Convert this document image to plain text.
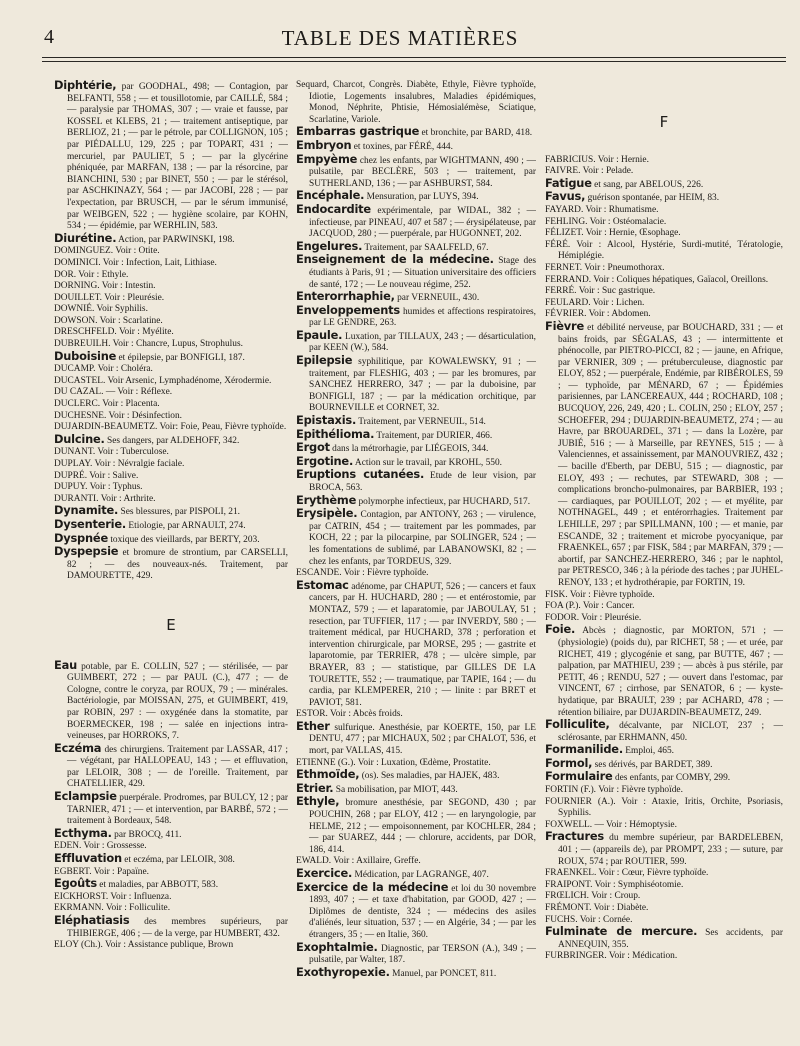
4	TABLE DES MATIÈRES

Diphtérie, par GOODHAL, 498; — Contagion, par BELFANTI, 558 ; — et tousillotomie, par CAILLÉ, 584 ; — paralysie par THOMAS, 307 ; — vraie et fausse, par KOSSEL et KLEBS, 21 ; — traitement antiseptique, par BERLIOZ, 21 ; — par le pétrole, par COLLIGNON, 105 ; par PIÉDALLU, 129, 225 ; par TOPART, 431 ; — mercuriel, par PAULIET, 5 ; — par la glycérine phéniquée, par MARFAN, 138 ; — par la résorcine, par BIANCHINI, 530 ; par BINET, 550 ; — par le stérésol, par ASCHKINAZY, 564 ; — par JACOBI, 228 ; — par l'expectation, par BRUSCH, — par le sérum immunisé, par WEIBGEN, 522 ; — hygiène scolaire, par KOHN, 534 ; — épidémie, par WERHLIN, 583.

Diurétine. Action, par PARWINSKI, 198.

DOMINGUEZ. Voir : Otite.

DOMINICI. Voir : Infection, Lait, Lithiase.

DOR. Voir : Ethyle.

DORNING. Voir : Intestin.

DOUILLET. Voir : Pleurésie.

DOWNIÉ. Voir Syphilis.

DOWSON. Voir : Scarlatine.

DRESCHFELD. Voir : Myélite.

DUBREUILH. Voir : Chancre, Lupus, Strophulus.

Duboisine et épilepsie, par BONFIGLI, 187.

DUCAMP. Voir : Choléra.

DUCASTEL. Voir Arsenic, Lymphadénome, Xérodermie.

DU CAZAL. — Voir : Réflexe.

DUCLERC. Voir : Placenta.

DUCHESNE. Voir : Désinfection.

DUJARDIN-BEAUMETZ. Voir: Foie, Peau, Fièvre typhoïde.

Dulcine. Ses dangers, par ALDEHOFF, 342.

DUNANT. Voir : Tuberculose.

DUPLAY. Voir : Névralgie faciale.

DUPRÉ. Voir : Salive.

DUPUY. Voir : Typhus.

DURANTI. Voir : Arthrite.

Dynamite. Ses blessures, par PISPOLI, 21.

Dysenterie. Etiologie, par ARNAULT, 274.

Dyspnée toxique des vieillards, par BERTY, 203.

Dyspepsie et bromure de strontium, par CARSELLI, 82 ; — des nouveaux-nés. Traitement, par DAMOURETTE, 429.

E

Eau potable, par E. COLLIN, 527 ; — stérilisée, — par GUIMBERT, 272 ; — par PAUL (C.), 477 ; — de Cologne, contre le coryza, par ROUX, 79 ; — minérales. Bactériologie, par MOISSAN, 275, et GUIMBERT, 419, par ROBIN, 297 : — oxygénée dans la stomatite, par BOERMECKER, 198 ; — salée en injections intra-veineuses, par HORROKS, 7.

Eczéma des chirurgiens. Traitement par LASSAR, 417 ; — végétant, par HALLOPEAU, 143 ; — et effluvation, par LELOIR, 308 ; — de l'oreille. Traitement, par CHATELLIER, 429.

Eclampsie puerpérale. Prodromes, par BULCY, 12 ; par TARNIER, 471 ; — et intervention, par BARBÉ, 572 ; — traitement à Bordeaux, 548.

Ecthyma. par BROCQ, 411.

EDEN. Voir : Grossesse.

Effluvation et eczéma, par LELOIR, 308.

EGBERT. Voir : Papaïne.

Egoûts et maladies, par ABBOTT, 583.

EICKHORST. Voir : Influenza.

EKRMANN. Voir : Folliculite.

Eléphatiasis des membres supérieurs, par THIBIERGE, 406 ; — de la verge, par HUMBERT, 432.

ELOY (Ch.). Voir : Assistance publique, Brown

Sequard, Charcot, Congrès. Diabète, Ethyle, Fièvre typhoïde, Idiotie, Logements insalubres, Maladies épidémiques, Monod, Néphrite, Phtisie, Hémosialémèse, Sciatique, Scarlatine, Variole.

Embarras gastrique et bronchite, par BARD, 418.

Embryon et toxines, par FÉRÉ, 444.

Empyème chez les enfants, par WIGHTMANN, 490 ; — pulsatile, par BECLÈRE, 503 ; — traitement, par SUTHERLAND, 136 ; — par ASHBURST, 584.

Encéphale. Mensuration, par LUYS, 394.

Endocardite expérimentale, par WIDAL, 382 ; — infectieuse, par PINEAU, 407 et 587 ; — érysipélateuse, par JACQUOD, 280 ; — puerpérale, par HUGONNET, 202.

Engelures. Traitement, par SAALFELD, 67.

Enseignement de la médecine. Stage des étudiants à Paris, 91 ; — Situation universitaire des officiers de santé, 172 ; — Le nouveau régime, 252.

Enterorrhaphie, par VERNEUIL, 430.

Enveloppements humides et affections respiratoires, par LE GENDRE, 263.

Epaule. Luxation, par TILLAUX, 243 ; — désarticulation, par KEEN (W.), 584.

Epilepsie syphilitique, par KOWALEWSKY, 91 ; — traitement, par FLESHIG, 403 ; — par les bromures, par SANCHEZ HERRERO, 347 ; — par la duboisine, par BONFIGLI, 187 ; — par la médication orchitique, par BOURNEVILLE et CORNET, 32.

Epistaxis. Traitement, par VERNEUIL, 514.

Epithélioma. Traitement, par DURIER, 466.

Ergot dans la métrorhagie, par LIÉGEOIS, 344.

Ergotine. Action sur le travail, par KROHL, 550.

Eruptions cutanées. Etude de leur vision, par BROCA, 563.

Erythème polymorphe infectieux, par HUCHARD, 517.

Erysipèle. Contagion, par ANTONY, 263 ; — virulence, par CATRIN, 454 ; — traitement par les pommades, par KOCH, 22 ; par la pilocarpine, par SOLINGER, 524 ; — les fomentations de sublimé, par LABANOWSKI, 82 ; — chez les enfants, par TORDEUS, 329.

ESCANDE. Voir : Fièvre typhoïde.

Estomac adénome, par CHAPUT, 526 ; — cancers et faux cancers, par H. HUCHARD, 280 ; — et entérostomie, par MONTAZ, 579 ; — et laparatomie, par JABOULAY, 51 ; resection, par TUFFIER, 117 ; — par INVERDY, 580 ; — traitement médical, par HUCHARD, 378 ; perforation et intervention chirurgicale, par MORSE, 295 ; — gastrite et laparotomie, par TERRIER, 478 ; — ulcère simple, par BRAYER, 83 ; — statistique, par GILLES DE LA TOURETTE, 552 ; — traumatique, par TAPIE, 164 ; — du cardia, par KLEMPERER, 210 ; — linite : par BRET et PAVIOT, 581.

ESTOR. Voir : Abcès froids.

Ether sulfurique. Anesthésie, par KOERTE, 150, par LE DENTU, 477 ; par MICHAUX, 502 ; par CHALOT, 536, et mort, par VALLAS, 415.

ETIENNE (G.). Voir : Luxation, Œdème, Prostatite.

Ethmoïde, (os). Ses maladies, par HAJEK, 483.

Etrier. Sa mobilisation, par MIOT, 443.

Ethyle, bromure anesthésie, par SEGOND, 430 ; par POUCHIN, 268 ; par ELOY, 412 ; — en laryngologie, par HELME, 212 ; — empoisonnement, par KOCHLER, 284 ; — par SUAREZ, 444 ; — chlorure, accidents, par DOR, 186, 414.

EWALD. Voir : Axillaire, Greffe.

Exercice. Médication, par LAGRANGE, 407.

Exercice de la médecine et loi du 30 novembre 1893, 407 ; — et taxe d'habitation, par GOOD, 427 ; — Diplômes de dentiste, 324 ; — médecins des asiles d'aliénés, leur situation, 537 ; — en Algérie, 34 ; — par les étrangers, 35 ; — en Italie, 360.

Exophtalmie. Diagnostic, par TERSON (A.), 349 ; — pulsatile, par Walter, 187.

Exothyropexie. Manuel, par PONCET, 811.

F

FABRICIUS. Voir : Hernie.

FAIVRE. Voir : Pelade.

Fatigue et sang, par ABELOUS, 226.

Favus, guérison spontanée, par HEIM, 83.

FAYARD. Voir : Rhumatisme.

FEHLING. Voir : Ostéomalacie.

FÉLIZET. Voir : Hernie, Œsophage.

FÉRÉ. Voir : Alcool, Hystérie, Surdi-mutité, Tératologie, Hémiplégie.

FERNET. Voir : Pneumothorax.

FERRAND. Voir : Coliques hépatiques, Gaïacol, Oreillons.

FERRÉ. Voir : Suc gastrique.

FEULARD. Voir : Lichen.

FÉVRIER. Voir : Abdomen.

Fièvre et débilité nerveuse, par BOUCHARD, 331 ; — et bains froids, par SÉGALAS, 43 ; — intermittente et phénocolle, par PIETRO-PICCI, 82 ; — jaune, en Afrique, par VERNIER, 309 ; — prétuberculeuse, diagnostic par ELOY, 852 ; — puerpérale, Endémie, par RIBÉROLES, 59 ; — typhoïde, par MÉNARD, 67 ; — Épidémies parisiennes, par LANCEREAUX, 444 ; ROCHARD, 108 ; BUCQUOY, 226, 249, 420 ; L. COLIN, 250 ; ELOY, 257 ; SCHOEFER, 294 ; DUJARDIN-BEAUMETZ, 274 ; — au Havre, par BROUARDEL, 371 ; — dans la Lozère, par JUBIÉ, 516 ; — à Marseille, par REYNES, 515 ; — à Valenciennes, et assainissement, par MANOUVRIEZ, 432 ; — bacille d'Eberth, par DEBU, 515 ; — diagnostic, par ELOY, 493 ; — rechutes, par STEWARD, 308 ; — complications broncho-pulmonaires, par BARBIER, 193 ; — cardiaques, par POUILLOT, 202 ; — et myélite, par NOTHNAGEL, 449 ; et entérorrhagies. Traitement par LEHILLE, 297 ; par SPILLMANN, 100 ; — et manie, par ESCANDE, 32 ; traitement et microbe pyocyanique, par FRAENKEL, 657 ; par FISK, 584 ; par MARFAN, 379 ; — abortif, par SANCHEZ-HERRERO, 346 ; par le naphtol, par PETRESCO, 346 ; à la période des taches ; par JUHEL-RENOY, 133 ; et hydrothérapie, par FORTIN, 19.

FISK. Voir : Fièvre typhoïde.

FOA (P.). Voir : Cancer.

FODOR. Voir : Pleurésie.

Foie. Abcès ; diagnostic, par MORTON, 571 ; — (physiologie) (poids du), par RICHET, 58 ; — et urée, par RICHET, 419 ; glycogénie et sang, par BUTTE, 467 ; — palpation, par MATHIEU, 239 ; — abcès à pus stérile, par PETIT, 46 ; RENDU, 527 ; — ouvert dans l'estomac, par VINCENT, 67 ; cirrhose, par SENATOR, 6 ; — kyste-hydatique, par BRAULT, 239 ; par ACHARD, 478 ; — rétention biliaire, par DUJARDIN-BEAUMETZ, 249.

Folliculite, décalvante, par NICLOT, 237 ; — sclérosante, par ERHMANN, 450.

Formanilide. Emploi, 465.

Formol, ses dérivés, par BARDET, 389.

Formulaire des enfants, par COMBY, 299.

FORTIN (F.). Voir : Fièvre typhoïde.

FOURNIER (A.). Voir : Ataxie, Iritis, Orchite, Psoriasis, Syphilis.

FOXWELL. — Voir : Hémoptysie.

Fractures du membre supérieur, par BARDELEBEN, 401 ; — (appareils de), par PROMPT, 233 ; — suture, par ROUX, 574 ; par ROUTIER, 599.

FRAENKEL. Voir : Cœur, Fièvre typhoïde.

FRAIPONT. Voir : Symphiséotomie.

FRŒLICH. Voir : Croup.

FRÉMONT. Voir : Diabète.

FUCHS. Voir : Cornée.

Fulminate de mercure. Ses accidents, par ANNEQUIN, 355.

FURBRINGER. Voir : Médication.
